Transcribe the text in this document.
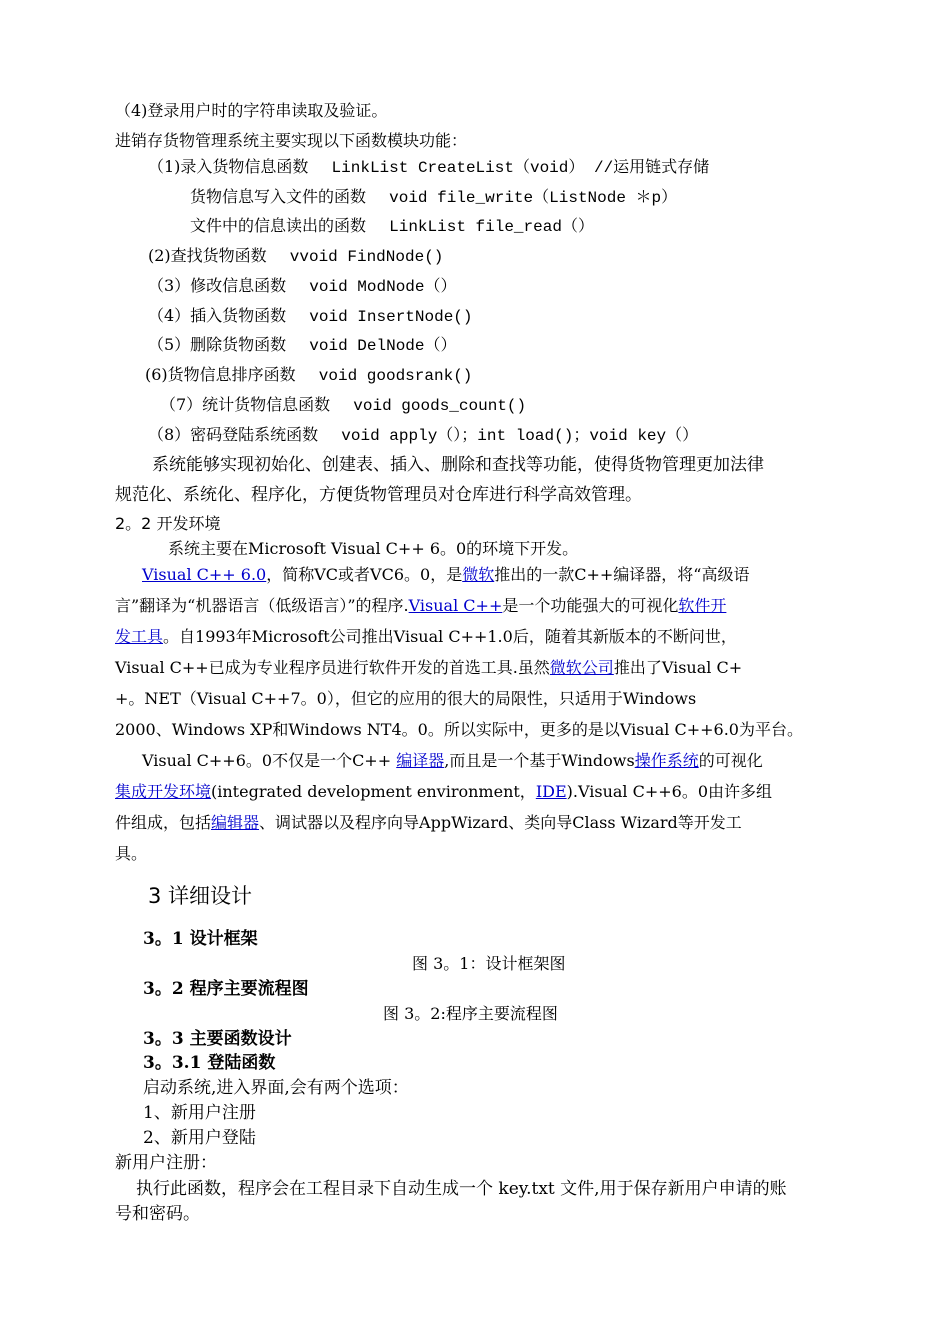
（4)登录用户时的字符串读取及验证。
进销存货物管理系统主要实现以下函数模块功能：
（1)录入货物信息函数 LinkList CreateList（void） //运用链式存储
货物信息写入文件的函数 void file_write（ListNode ＊p）
文件中的信息读出的函数 LinkList file_read（）
(2)查找货物函数 vvoid FindNode()
（3）修改信息函数 void ModNode（）
（4）插入货物函数 void InsertNode()
（5）删除货物函数 void DelNode（）
(6)货物信息排序函数 void goodsrank()
（7）统计货物信息函数 void goods_count()
（8）密码登陆系统函数 void apply（）；int load()；void key（）
系统能够实现初始化、创建表、插入、删除和查找等功能，使得货物管理更加法律
规范化、系统化、程序化，方便货物管理员对仓库进行科学高效管理。
2。2 开发环境
系统主要在Microsoft Visual C++ 6。0的环境下开发。
Visual C++ 6.0，简称VC或者VC6。0，是微软推出的一款C++编译器，将“高级语
言”翻译为“机器语言（低级语言）”的程序.Visual C++是一个功能强大的可视化软件开
发工具。自1993年Microsoft公司推出Visual C++1.0后，随着其新版本的不断问世，
Visual C++已成为专业程序员进行软件开发的首选工具.虽然微软公司推出了Visual C+
+。NET（Visual C++7。0），但它的应用的很大的局限性，只适用于Windows
2000、Windows XP和Windows NT4。0。所以实际中，更多的是以Visual C++6.0为平台。
Visual C++6。0不仅是一个C++ 编译器,而且是一个基于Windows操作系统的可视化
集成开发环境(integrated development environment，IDE).Visual C++6。0由许多组
件组成，包括编辑器、调试器以及程序向导AppWizard、类向导Class Wizard等开发工
具。
3 详细设计
3。1 设计框架
图 3。1：设计框架图
3。2 程序主要流程图
图 3。2:程序主要流程图
3。3 主要函数设计
3。3.1 登陆函数
启动系统,进入界面,会有两个选项：
1、新用户注册
2、新用户登陆
新用户注册：
执行此函数，程序会在工程目录下自动生成一个 key.txt 文件,用于保存新用户申请的账
号和密码。
